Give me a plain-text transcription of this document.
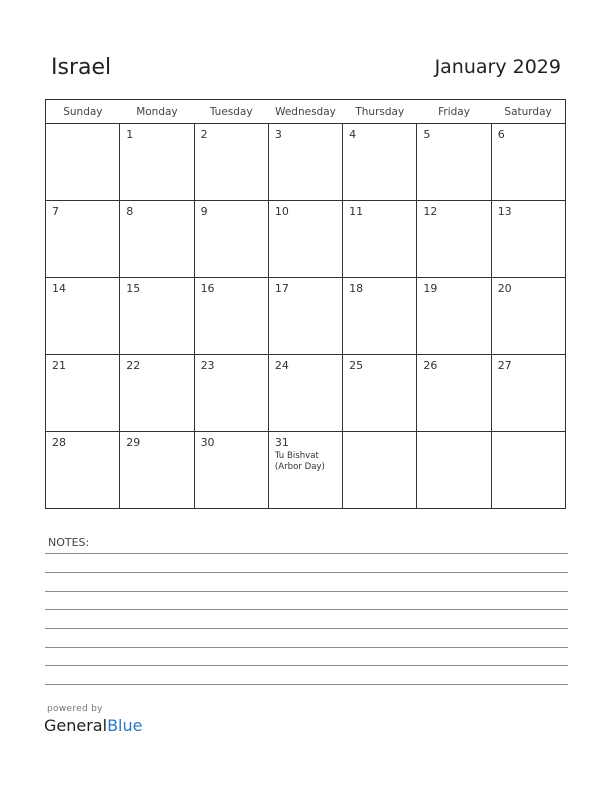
Israel	January 2029
Sunday	Monday	Tuesday	Wednesday	Thursday	Friday	Saturday

	1	2	3	4	5	6

7	8	9	10	11	12	13

14	15	16	17	18	19	20

21	22	23	24	25	26	27

28	29	30	31
Tu Bishvat
(Arbor Day)			

NOTES:
powered by
GeneralBlue
